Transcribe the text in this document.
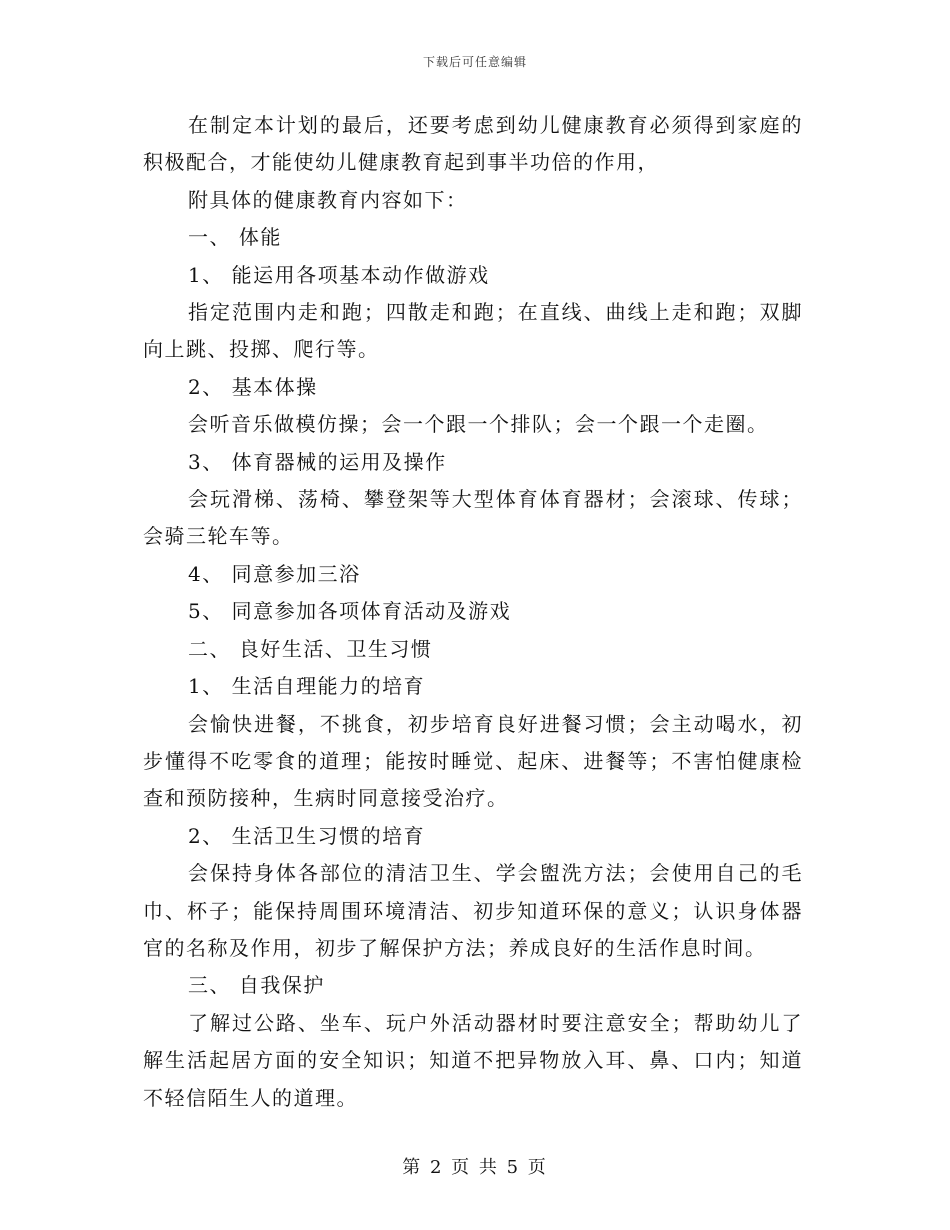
下载后可任意编辑

在制定本计划的最后，还要考虑到幼儿健康教育必须得到家庭的积极配合，才能使幼儿健康教育起到事半功倍的作用，

附具体的健康教育内容如下：

一、 体能

1、 能运用各项基本动作做游戏

指定范围内走和跑；四散走和跑；在直线、曲线上走和跑；双脚向上跳、投掷、爬行等。

2、 基本体操

会听音乐做模仿操；会一个跟一个排队；会一个跟一个走圈。

3、 体育器械的运用及操作

会玩滑梯、荡椅、攀登架等大型体育体育器材；会滚球、传球；会骑三轮车等。

4、 同意参加三浴

5、 同意参加各项体育活动及游戏

二、 良好生活、卫生习惯

1、 生活自理能力的培育

会愉快进餐，不挑食，初步培育良好进餐习惯；会主动喝水，初步懂得不吃零食的道理；能按时睡觉、起床、进餐等；不害怕健康检查和预防接种，生病时同意接受治疗。

2、 生活卫生习惯的培育

会保持身体各部位的清洁卫生、学会盥洗方法；会使用自己的毛巾、杯子；能保持周围环境清洁、初步知道环保的意义；认识身体器官的名称及作用，初步了解保护方法；养成良好的生活作息时间。

三、 自我保护

了解过公路、坐车、玩户外活动器材时要注意安全；帮助幼儿了解生活起居方面的安全知识；知道不把异物放入耳、鼻、口内；知道不轻信陌生人的道理。

第 2 页 共 5 页
